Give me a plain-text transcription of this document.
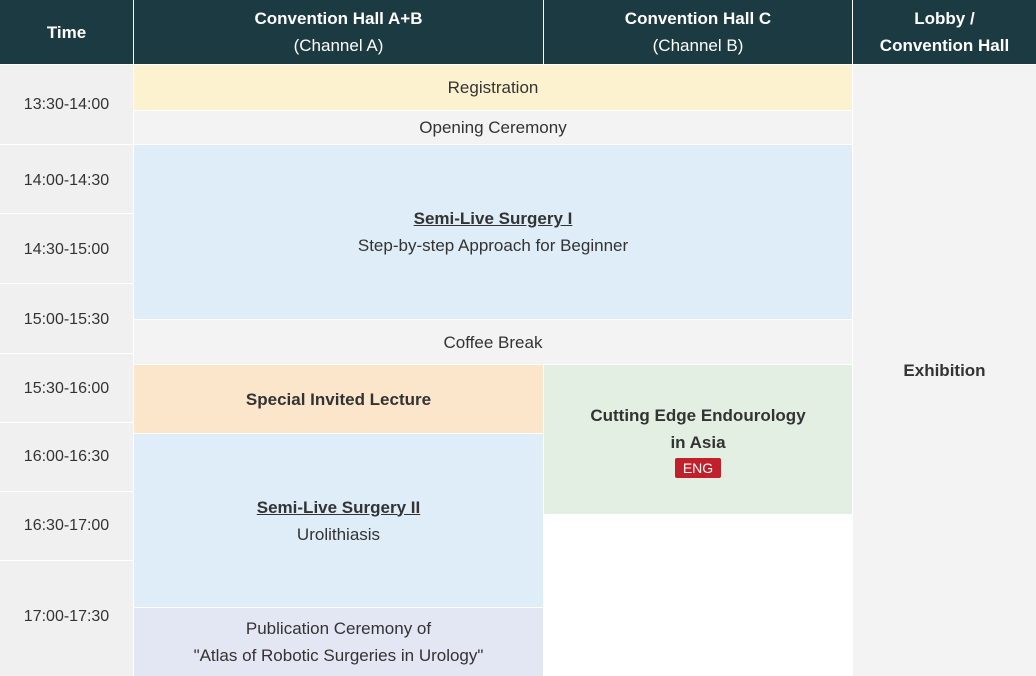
Time
Convention Hall A+B
(Channel A)
Convention Hall C
(Channel B)
Lobby /
Convention Hall
13:30-14:00
14:00-14:30
14:30-15:00
15:00-15:30
15:30-16:00
16:00-16:30
16:30-17:00
17:00-17:30
Registration
Opening Ceremony
Semi-Live Surgery I
Step-by-step Approach for Beginner
Coffee Break
Special Invited Lecture
Cutting Edge Endourology
in Asia
ENG
Semi-Live Surgery II
Urolithiasis
Publication Ceremony of
"Atlas of Robotic Surgeries in Urology"
Exhibition
